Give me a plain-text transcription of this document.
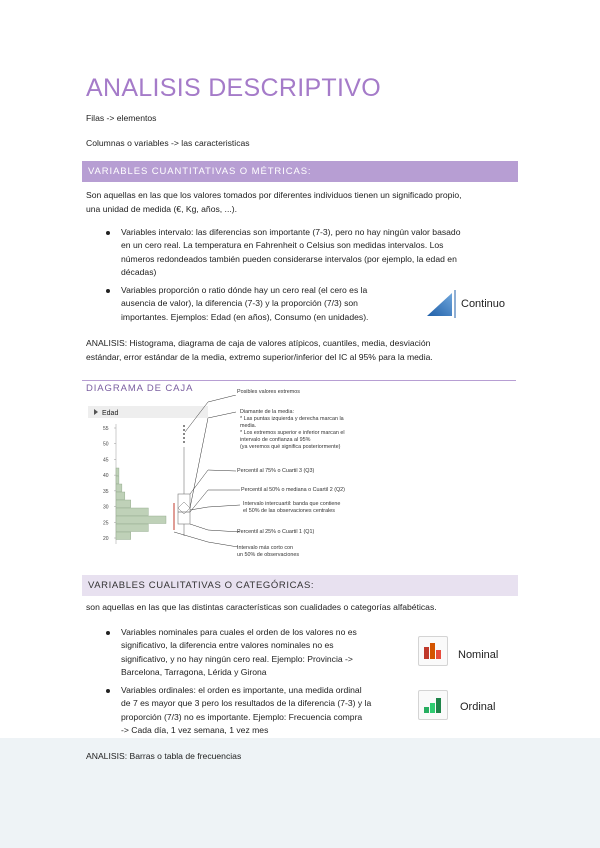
ANALISIS DESCRIPTIVO
Filas -> elementos
Columnas o variables -> las caracteristicas
VARIABLES CUANTITATIVAS O MÉTRICAS:
Son aquellas en las que los valores tomados por diferentes individuos tienen un significado propio,
una unidad de medida (€, Kg, años, ...).
Variables intervalo: las diferencias son importante (7-3), pero no hay ningún valor basado
en un cero real. La temperatura en Fahrenheit o Celsius son medidas intervalos. Los
números redondeados también pueden considerarse intervalos (por ejemplo, la edad en
décadas)
Variables proporción o ratio dónde hay un cero real (el cero es la
ausencia de valor), la diferencia (7-3) y la proporción (7/3) son
importantes. Ejemplos: Edad (en años), Consumo (en unidades).
Continuo
ANALISIS: Histograma, diagrama de caja de valores atípicos, cuantiles, media, desviación
estándar, error estándar de la media, extremo superior/inferior del IC al 95% para la media.
DIAGRAMA DE CAJA
Edad
55
50
45
40
35
30
25
20
Posibles valores extremos
Diamante de la media:
* Las puntas izquierda y derecha marcan la
media.
* Los extremos superior e inferior marcan el
intervalo de confianza al 95%
(ya veremos qué significa posteriormente)
Percentil al 75% o Cuartil 3 (Q3)
Percentil al 50% o mediana o Cuartil 2 (Q2)
Intervalo intercuartil: banda que contiene
el 50% de las observaciones centrales
Percentil al 25% o Cuartil 1 (Q1)
Intervalo más corto con
un 50% de observaciones
VARIABLES CUALITATIVAS O CATEGÓRICAS:
son aquellas en las que las distintas características son cualidades o categorías alfabéticas.
Variables nominales para cuales el orden de los valores no es
significativo, la diferencia entre valores nominales no es
significativo, y no hay ningún cero real. Ejemplo: Provincia ->
Barcelona, Tarragona, Lérida y Girona
Variables ordinales: el orden es importante, una medida ordinal
de 7 es mayor que 3 pero los resultados de la diferencia (7-3) y la
proporción (7/3) no es importante. Ejemplo: Frecuencia compra
-> Cada día, 1 vez semana, 1 vez mes
Nominal
Ordinal
ANALISIS: Barras o tabla de frecuencias
